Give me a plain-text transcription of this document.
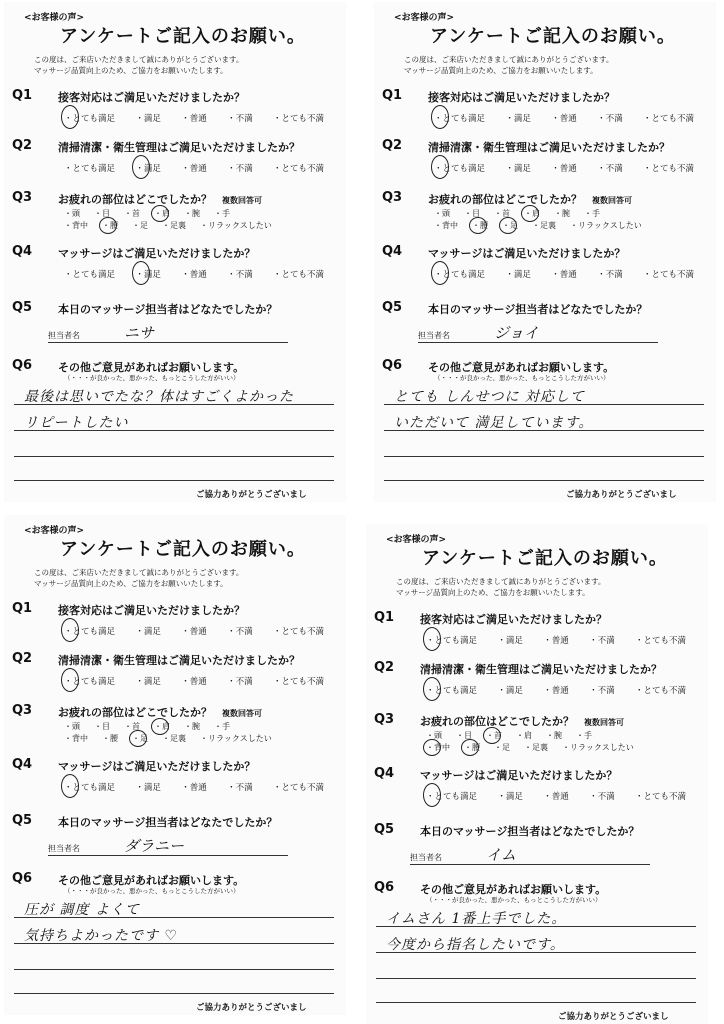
<お客様の声>
アンケートご記入のお願い。
この度は、ご来店いただきまして誠にありがとうございます。
マッサージ品質向上のため、ご協力をお願いいたします。
Q1 接客対応はご満足いただけましたか？
Q2 清掃清潔・衛生管理はご満足いただけましたか？
Q3 お疲れの部位はどこでしたか？ 複数回答可
Q4 マッサージはご満足いただけましたか？
Q5 本日のマッサージ担当者はどなたでしたか？
Q6 その他ご意見があればお願いします。
・とても満足 ・満足 ・普通 ・不満 ・とても不満
・とても満足 ・満足 ・普通 ・不満 ・とても不満
・とても満足 ・満足 ・普通 ・不満 ・とても不満
・頭 ・目 ・首 ・肩 ・腕 ・手
・背中 ・腰 ・足 ・足裏 ・リラックスしたい
担当者名	ニサ
（・・・が良かった、悪かった、もっとこうした方がいい）
最後は思いでたな？体はすごくよかった
リピートしたい
ご協力ありがとうございまし
<お客様の声>
アンケートご記入のお願い。
この度は、ご来店いただきまして誠にありがとうございます。
マッサージ品質向上のため、ご協力をお願いいたします。
Q1 接客対応はご満足いただけましたか？
Q2 清掃清潔・衛生管理はご満足いただけましたか？
Q3 お疲れの部位はどこでしたか？ 複数回答可
Q4 マッサージはご満足いただけましたか？
Q5 本日のマッサージ担当者はどなたでしたか？
Q6 その他ご意見があればお願いします。
・とても満足 ・満足 ・普通 ・不満 ・とても不満
・とても満足 ・満足 ・普通 ・不満 ・とても不満
・とても満足 ・満足 ・普通 ・不満 ・とても不満
・頭 ・目 ・首 ・肩 ・腕 ・手
・背中 ・腰 ・足 ・足裏 ・リラックスしたい
担当者名	ジョイ
（・・・が良かった、悪かった、もっとこうした方がいい）
とても しんせつに 対応して
いただいて 満足しています。
ご協力ありがとうございまし
<お客様の声>
アンケートご記入のお願い。
この度は、ご来店いただきまして誠にありがとうございます。
マッサージ品質向上のため、ご協力をお願いいたします。
Q1 接客対応はご満足いただけましたか？
Q2 清掃清潔・衛生管理はご満足いただけましたか？
Q3 お疲れの部位はどこでしたか？ 複数回答可
Q4 マッサージはご満足いただけましたか？
Q5 本日のマッサージ担当者はどなたでしたか？
Q6 その他ご意見があればお願いします。
・とても満足 ・満足 ・普通 ・不満 ・とても不満
・とても満足 ・満足 ・普通 ・不満 ・とても不満
・とても満足 ・満足 ・普通 ・不満 ・とても不満
・頭 ・目 ・首 ・肩 ・腕 ・手
・背中 ・腰 ・足 ・足裏 ・リラックスしたい
担当者名	ダラニー
（・・・が良かった、悪かった、もっとこうした方がいい）
圧が 調度 よくて
気持ちよかったです ♡
ご協力ありがとうございまし
<お客様の声>
アンケートご記入のお願い。
この度は、ご来店いただきまして誠にありがとうございます。
マッサージ品質向上のため、ご協力をお願いいたします。
Q1 接客対応はご満足いただけましたか？
Q2 清掃清潔・衛生管理はご満足いただけましたか？
Q3 お疲れの部位はどこでしたか？ 複数回答可
Q4 マッサージはご満足いただけましたか？
Q5 本日のマッサージ担当者はどなたでしたか？
Q6 その他ご意見があればお願いします。
・とても満足 ・満足 ・普通 ・不満 ・とても不満
・とても満足 ・満足 ・普通 ・不満 ・とても不満
・とても満足 ・満足 ・普通 ・不満 ・とても不満
・頭 ・目 ・首 ・肩 ・腕 ・手
・背中 ・腰 ・足 ・足裏 ・リラックスしたい
担当者名	イム
（・・・が良かった、悪かった、もっとこうした方がいい）
イムさん 1番上手でした。
今度から指名したいです。
ご協力ありがとうございまし
